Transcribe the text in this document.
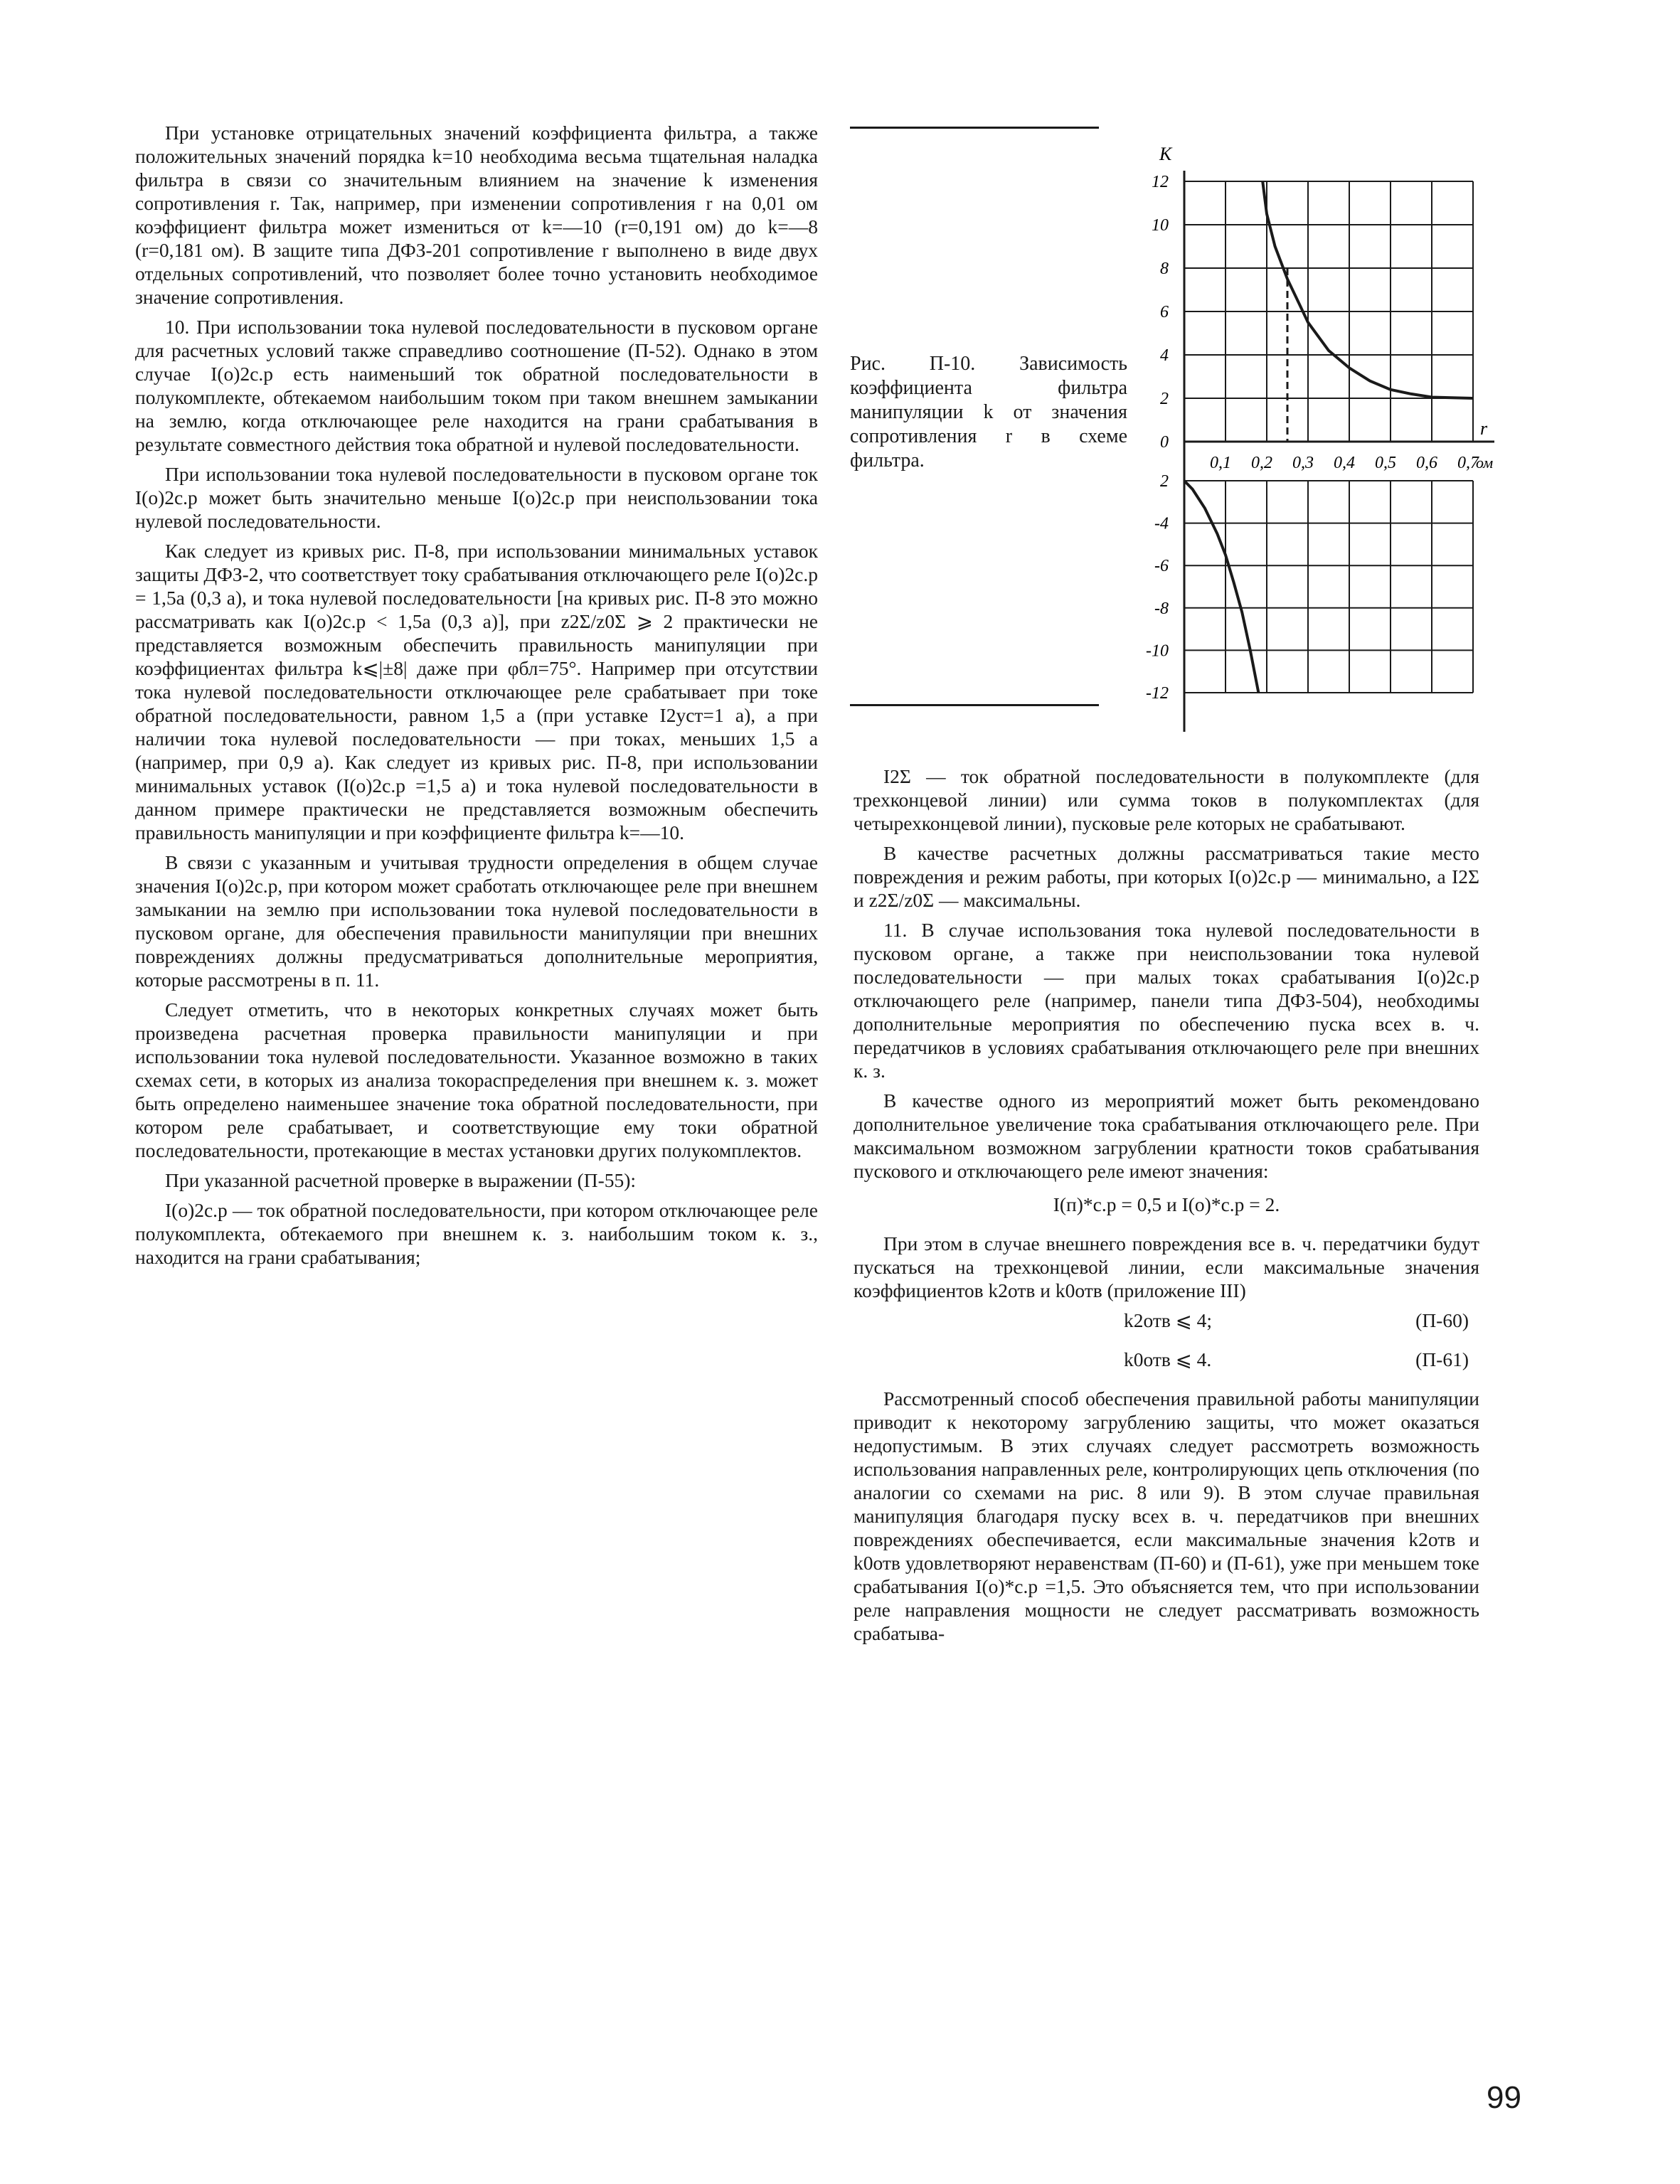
При установке отрицательных значений коэффициента фильтра, а также положительных значений порядка k=10 необходима весьма тщательная наладка фильтра в связи со значительным влиянием на значение k изменения сопротивления r. Так, например, при изменении сопротивления r на 0,01 ом коэффициент фильтра может измениться от k=—10 (r=0,191 ом) до k=—8 (r=0,181 ом). В защите типа ДФЗ-201 сопротивление r выполнено в виде двух отдельных сопротивлений, что позволяет более точно установить необходимое значение сопротивления.

10. При использовании тока нулевой последовательности в пусковом органе для расчетных условий также справедливо соотношение (П-52). Однако в этом случае I(o)2с.р есть наименьший ток обратной последовательности в полукомплекте, обтекаемом наибольшим током при таком внешнем замыкании на землю, когда отключающее реле находится на грани срабатывания в результате совместного действия тока обратной и нулевой последовательности.

При использовании тока нулевой последовательности в пусковом органе ток I(o)2с.р может быть значительно меньше I(o)2с.р при неиспользовании тока нулевой последовательности.

Как следует из кривых рис. П-8, при использовании минимальных уставок защиты ДФЗ-2, что соответствует току срабатывания отключающего реле I(o)2с.р = 1,5a (0,3 a), и тока нулевой последовательности [на кривых рис. П-8 это можно рассматривать как I(o)2с.р < 1,5a (0,3 a)], при z2Σ/z0Σ ⩾ 2 практически не представляется возможным обеспечить правильность манипуляции при коэффициентах фильтра k⩽|±8| даже при φбл=75°. Например при отсутствии тока нулевой последовательности отключающее реле срабатывает при токе обратной последовательности, равном 1,5 a (при уставке I2уст=1 a), а при наличии тока нулевой последовательности — при токах, меньших 1,5 a (например, при 0,9 a). Как следует из кривых рис. П-8, при использовании минимальных уставок (I(o)2с.р =1,5 a) и тока нулевой последовательности в данном примере практически не представляется возможным обеспечить правильность манипуляции и при коэффициенте фильтра k=—10.

В связи с указанным и учитывая трудности определения в общем случае значения I(o)2с.р, при котором может сработать отключающее реле при внешнем замыкании на землю при использовании тока нулевой последовательности в пусковом органе, для обеспечения правильности манипуляции при внешних повреждениях должны предусматриваться дополнительные мероприятия, которые рассмотрены в п. 11.

Следует отметить, что в некоторых конкретных случаях может быть произведена расчетная проверка правильности манипуляции и при использовании тока нулевой последовательности. Указанное возможно в таких схемах сети, в которых из анализа токораспределения при внешнем к. з. может быть определено наименьшее значение тока обратной последовательности, при котором реле срабатывает, и соответствующие ему токи обратной последовательности, протекающие в местах установки других полукомплектов.

При указанной расчетной проверке в выражении (П-55):

I(o)2с.р — ток обратной последовательности, при котором отключающее реле полукомплекта, обтекаемого при внешнем к. з. наибольшим током к. з., находится на грани срабатывания;

Рис. П-10. Зависимость коэффициента фильтра манипуляции k от значения сопротивления r в схеме фильтра.
K
r
12
10
8
6
4
2
0
2
-4
-6
-8
-10
-12
0,1 0,2 0,3 0,4 0,5 0,6 0,7
ом

I2Σ — ток обратной последовательности в полукомплекте (для трехконцевой линии) или сумма токов в полукомплектах (для четырехконцевой линии), пусковые реле которых не срабатывают.

В качестве расчетных должны рассматриваться такие место повреждения и режим работы, при которых I(o)2с.р — минимально, а I2Σ и z2Σ/z0Σ — максимальны.

11. В случае использования тока нулевой последовательности в пусковом органе, а также при неиспользовании тока нулевой последовательности — при малых токах срабатывания I(o)2с.р отключающего реле (например, панели типа ДФЗ-504), необходимы дополнительные мероприятия по обеспечению пуска всех в. ч. передатчиков в условиях срабатывания отключающего реле при внешних к. з.

В качестве одного из мероприятий может быть рекомендовано дополнительное увеличение тока срабатывания отключающего реле. При максимальном возможном загрублении кратности токов срабатывания пускового и отключающего реле имеют значения:

I(п)*с.р = 0,5 и I(o)*с.р = 2.

При этом в случае внешнего повреждения все в. ч. передатчики будут пускаться на трехконцевой линии, если максимальные значения коэффициентов k2отв и k0отв (приложение III)

k2отв ⩽ 4;	(П-60)
k0отв ⩽ 4.	(П-61)

Рассмотренный способ обеспечения правильной работы манипуляции приводит к некоторому загрублению защиты, что может оказаться недопустимым. В этих случаях следует рассмотреть возможность использования направленных реле, контролирующих цепь отключения (по аналогии со схемами на рис. 8 или 9). В этом случае правильная манипуляция благодаря пуску всех в. ч. передатчиков при внешних повреждениях обеспечивается, если максимальные значения k2отв и k0отв удовлетворяют неравенствам (П-60) и (П-61), уже при меньшем токе срабатывания I(o)*с.р =1,5. Это объясняется тем, что при использовании реле направления мощности не следует рассматривать возможность срабатыва-

99
